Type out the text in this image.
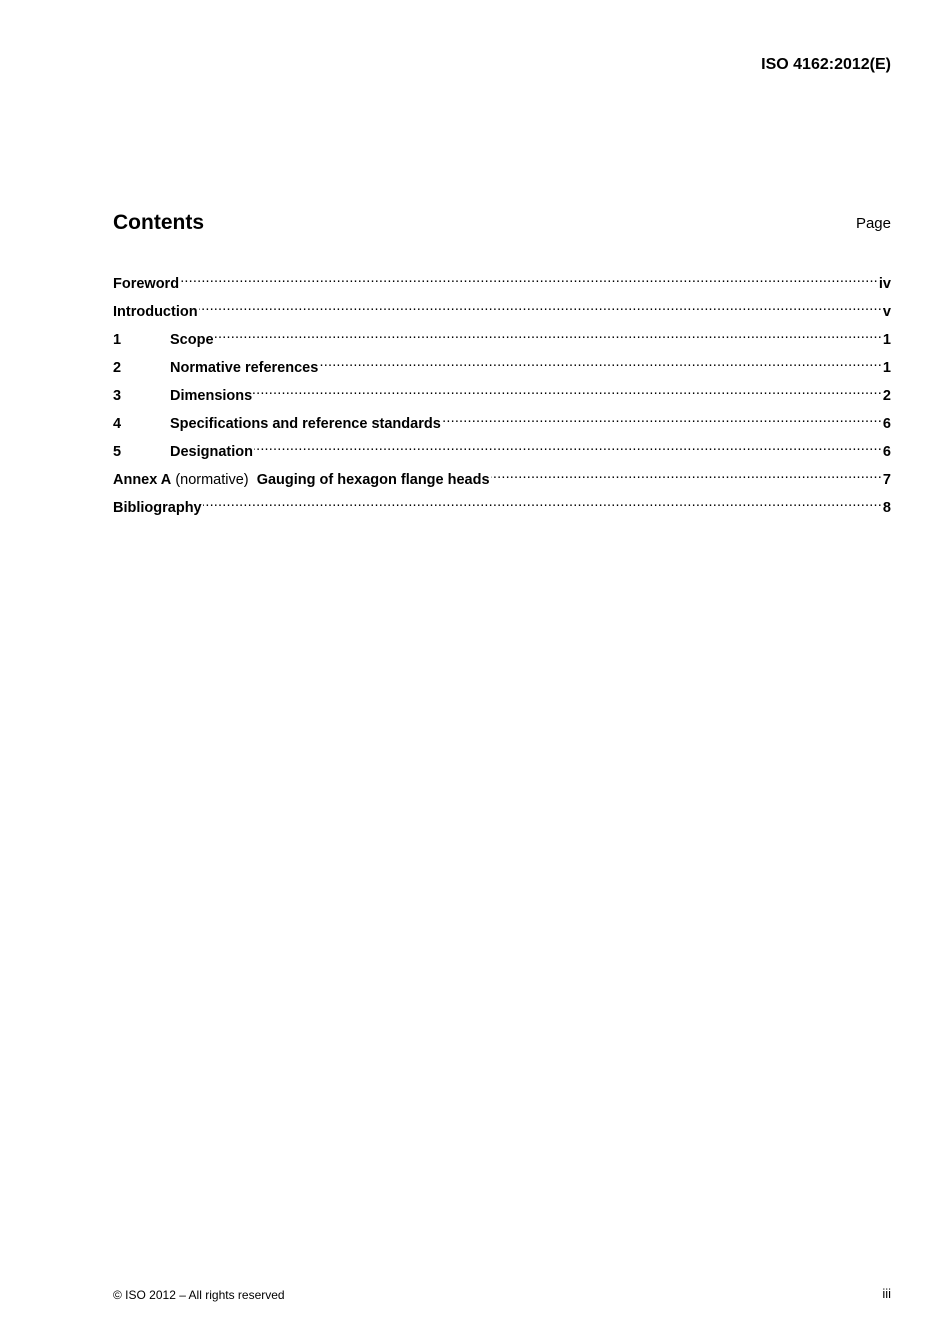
ISO 4162:2012(E)
Contents	Page
Foreword .....	iv
Introduction .....	v
1	Scope .....	1
2	Normative references .....	1
3	Dimensions .....	2
4	Specifications and reference standards .....	6
5	Designation .....	6
Annex A (normative) Gauging of hexagon flange heads .....	7
Bibliography .....	8
© ISO 2012 – All rights reserved	iii
